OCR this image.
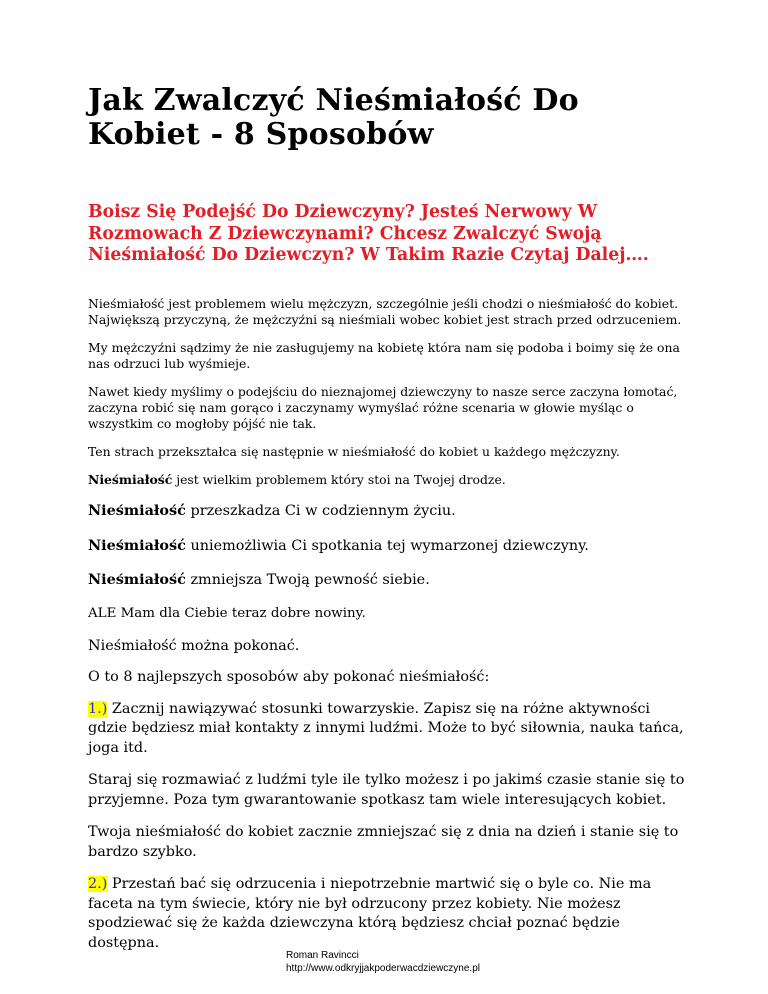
Jak Zwalczyć Nieśmiałość Do Kobiet - 8 Sposobów
Boisz Się Podejść Do Dziewczyny? Jesteś Nerwowy W Rozmowach Z Dziewczynami? Chcesz Zwalczyć Swoją Nieśmiałość Do Dziewczyn? W Takim Razie Czytaj Dalej….

Nieśmiałość jest problemem wielu mężczyzn, szczególnie jeśli chodzi o nieśmiałość do kobiet. Największą przyczyną, że mężczyźni są nieśmiali wobec kobiet jest strach przed odrzuceniem.

My mężczyźni sądzimy że nie zasługujemy na kobietę która nam się podoba i boimy się że ona nas odrzuci lub wyśmieje.

Nawet kiedy myślimy o podejściu do nieznajomej dziewczyny to nasze serce zaczyna łomotać, zaczyna robić się nam gorąco i zaczynamy wymyślać różne scenaria w głowie myśląc o wszystkim co mogłoby pójść nie tak.

Ten strach przekształca się następnie w nieśmiałość do kobiet u każdego mężczyzny.

Nieśmiałość jest wielkim problemem który stoi na Twojej drodze.

Nieśmiałość przeszkadza Ci w codziennym życiu.

Nieśmiałość uniemożliwia Ci spotkania tej wymarzonej dziewczyny.

Nieśmiałość zmniejsza Twoją pewność siebie.

ALE Mam dla Ciebie teraz dobre nowiny.

Nieśmiałość można pokonać.

O to 8 najlepszych sposobów aby pokonać nieśmiałość:

1.) Zacznij nawiązywać stosunki towarzyskie. Zapisz się na różne aktywności gdzie będziesz miał kontakty z innymi ludźmi. Może to być siłownia, nauka tańca, joga itd.

Staraj się rozmawiać z ludźmi tyle ile tylko możesz i po jakimś czasie stanie się to przyjemne. Poza tym gwarantowanie spotkasz tam wiele interesujących kobiet.

Twoja nieśmiałość do kobiet zacznie zmniejszać się z dnia na dzień i stanie się to bardzo szybko.

2.) Przestań bać się odrzucenia i niepotrzebnie martwić się o byle co. Nie ma faceta na tym świecie, który nie był odrzucony przez kobiety. Nie możesz spodziewać się że każda dziewczyna którą będziesz chciał poznać będzie dostępna.

Roman Ravincci
http://www.odkryjjakpoderwacdziewczyne.pl
